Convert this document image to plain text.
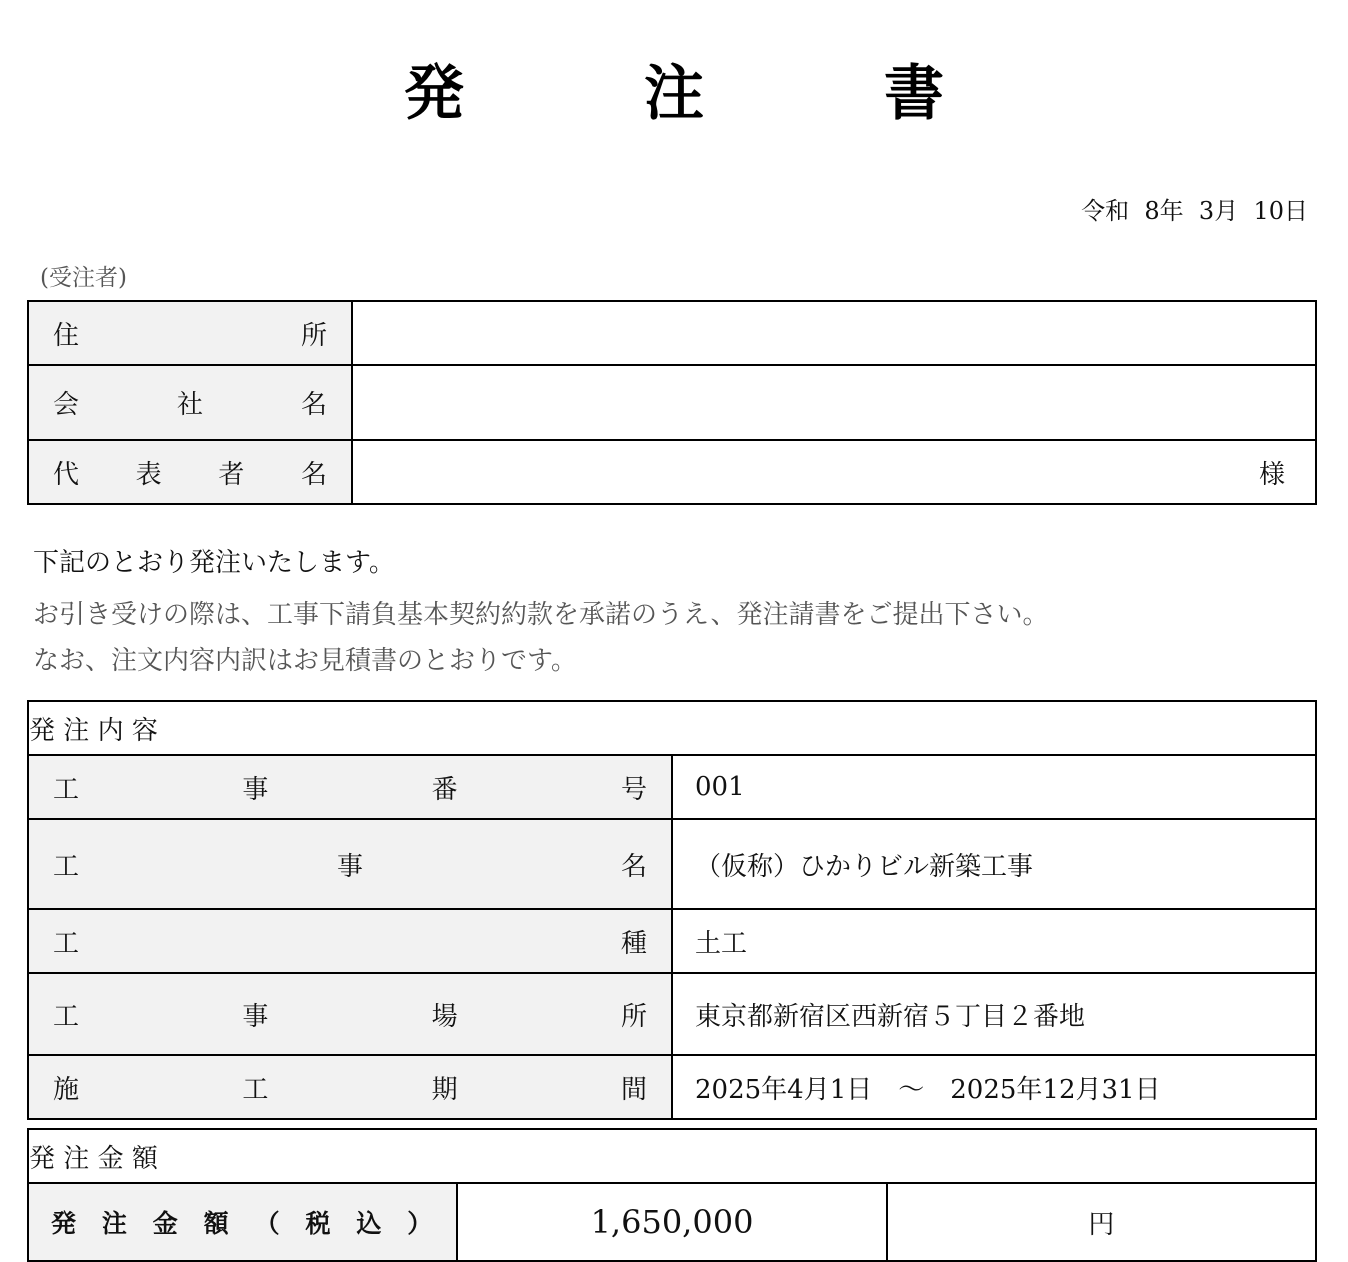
発	注	書
令和  8年  3月  10日
(受注者)
住 所	

会 社 名	

代 表 者 名	様
下記のとおり発注いたします。
お引き受けの際は、工事下請負基本契約約款を承諾のうえ、発注請書をご提出下さい。
なお、注文内容内訳はお見積書のとおりです。
発 注 内 容	

工 事 番 号	001

工 事 名	（仮称）ひかりビル新築工事

工 種	土工

工 事 場 所	東京都新宿区西新宿５丁目２番地

施 工 期 間	2025年4月1日　～　2025年12月31日
発 注 金 額

発 注 金 額 （ 税 込 ）	1,650,000	円
